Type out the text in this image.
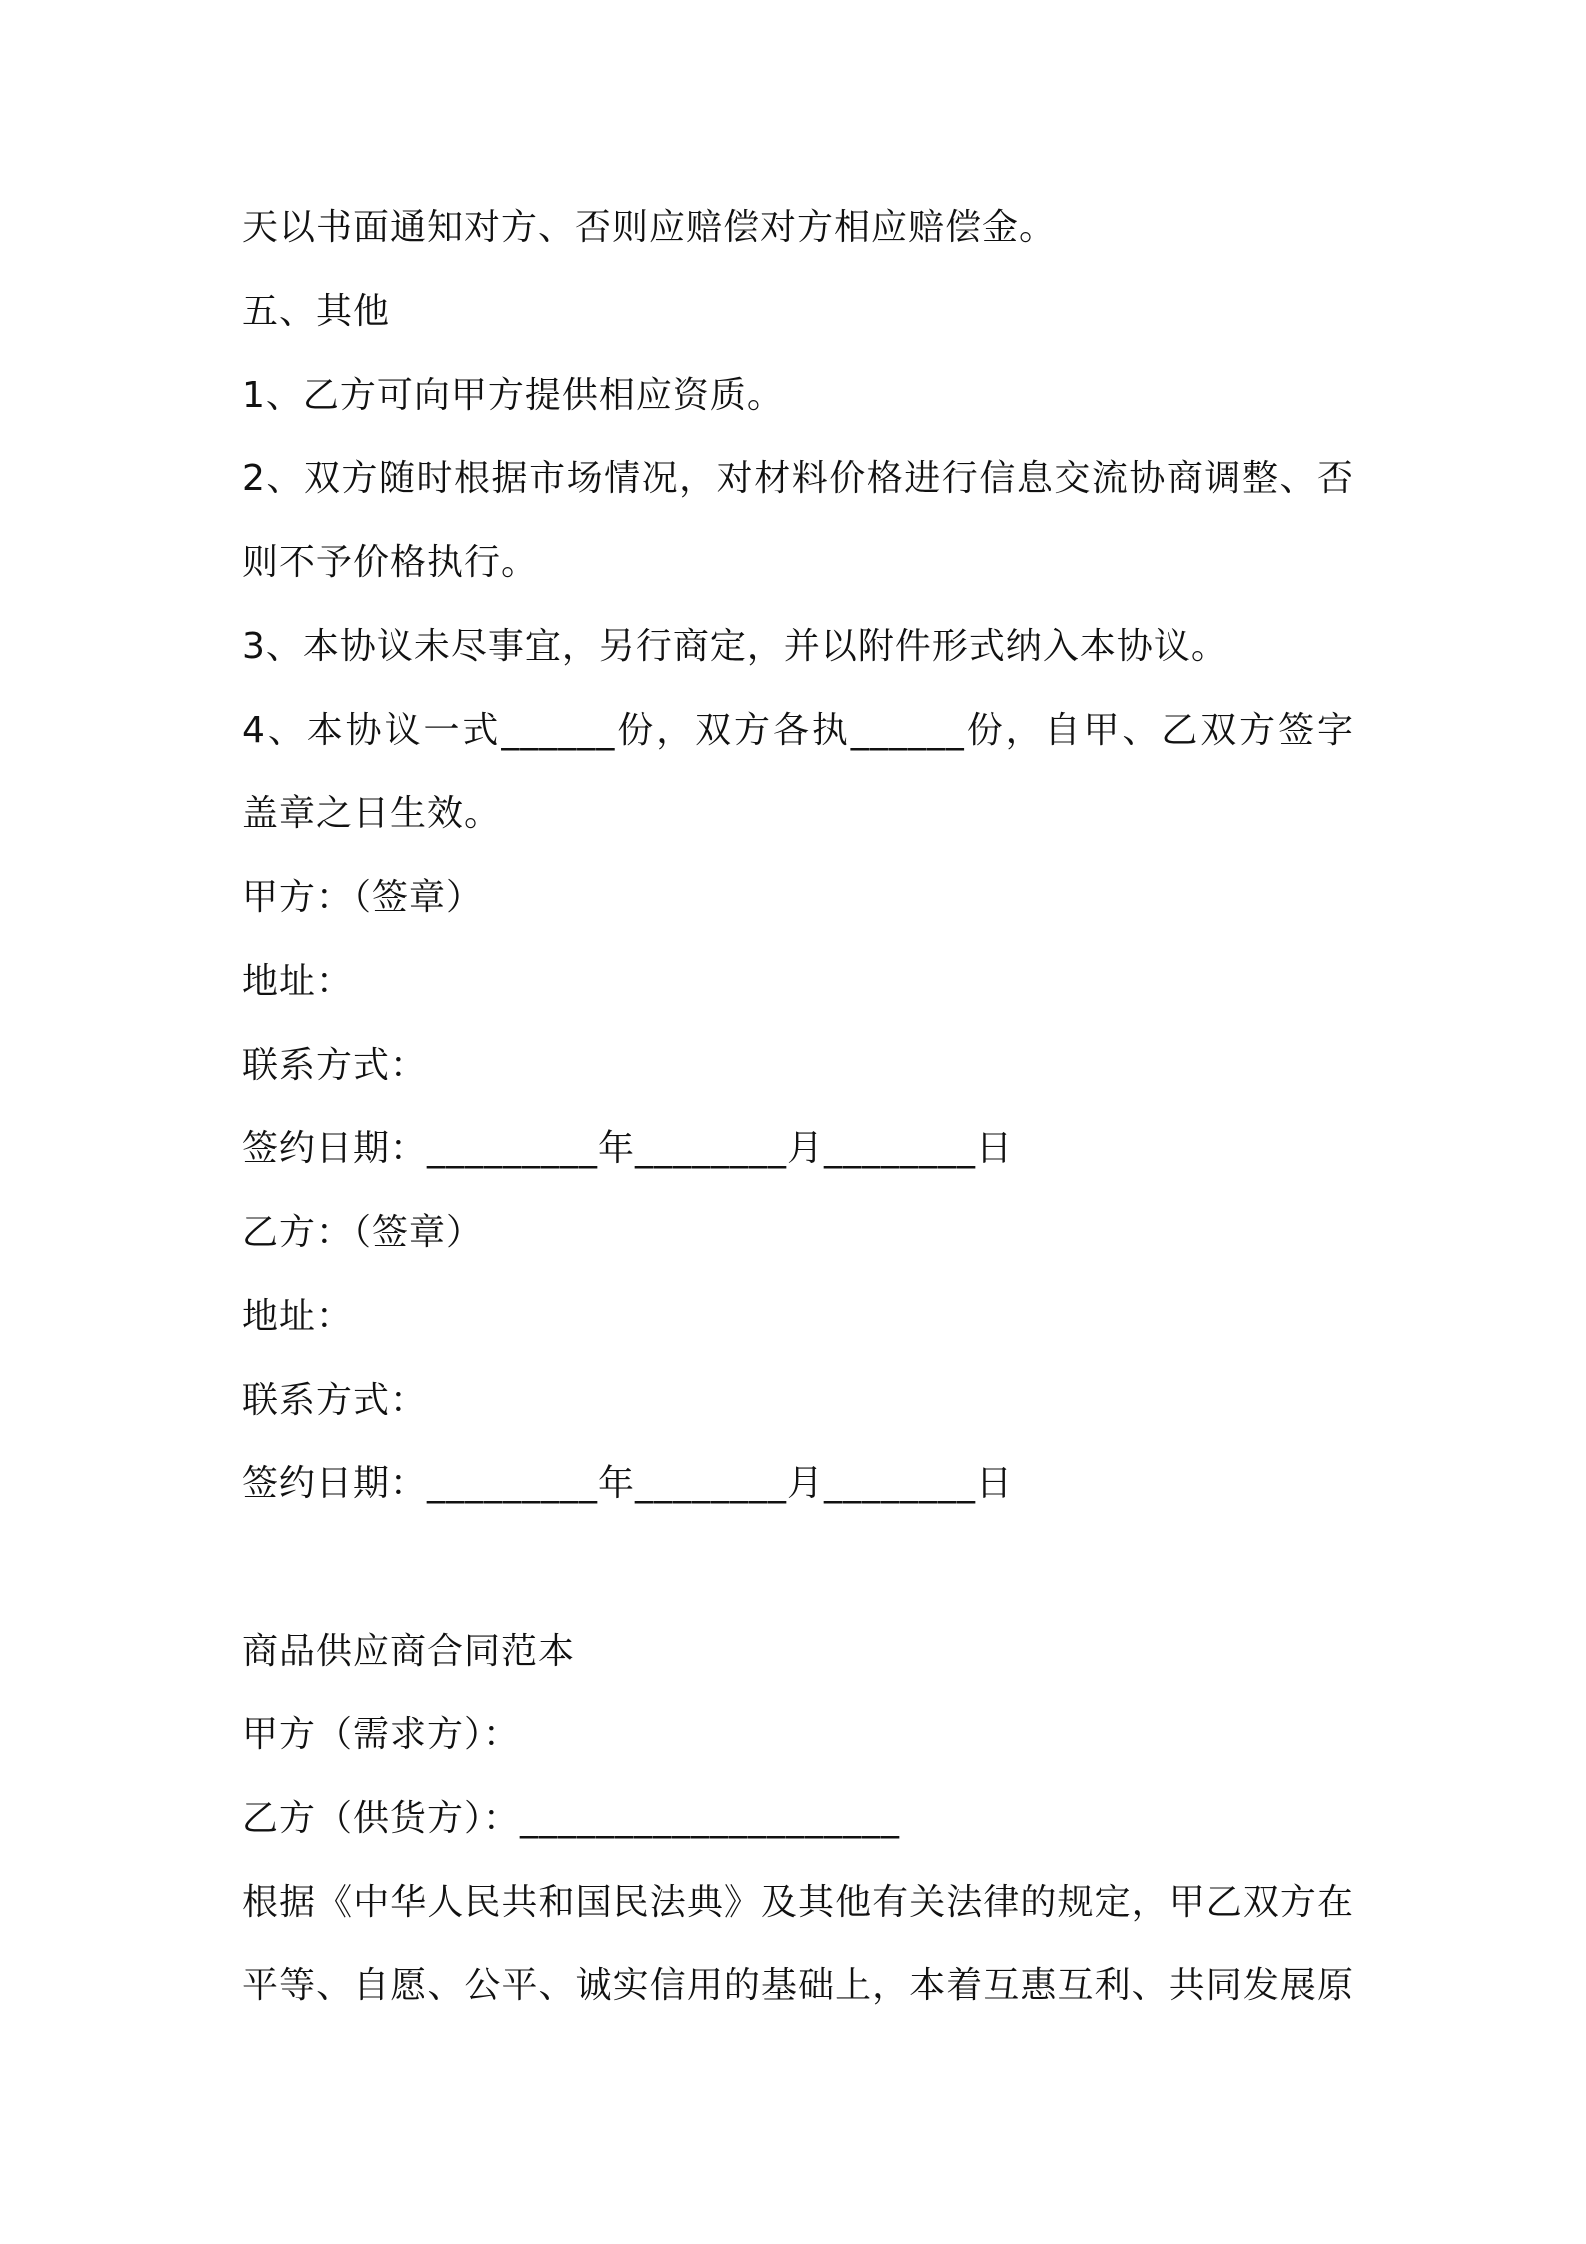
天以书面通知对方、否则应赔偿对方相应赔偿金。
五、其他
1、乙方可向甲方提供相应资质。
2、双方随时根据市场情况，对材料价格进行信息交流协商调整、否
则不予价格执行。
3、本协议未尽事宜，另行商定，并以附件形式纳入本协议。
4、本协议一式______份，双方各执______份，自甲、乙双方签字
盖章之日生效。
甲方：（签章）
地址：
联系方式：
签约日期：_________年________月________日
乙方：（签章）
地址：
联系方式：
签约日期：_________年________月________日
商品供应商合同范本
甲方（需求方）：
乙方（供货方）：____________________
根据《中华人民共和国民法典》及其他有关法律的规定，甲乙双方在
平等、自愿、公平、诚实信用的基础上，本着互惠互利、共同发展原
